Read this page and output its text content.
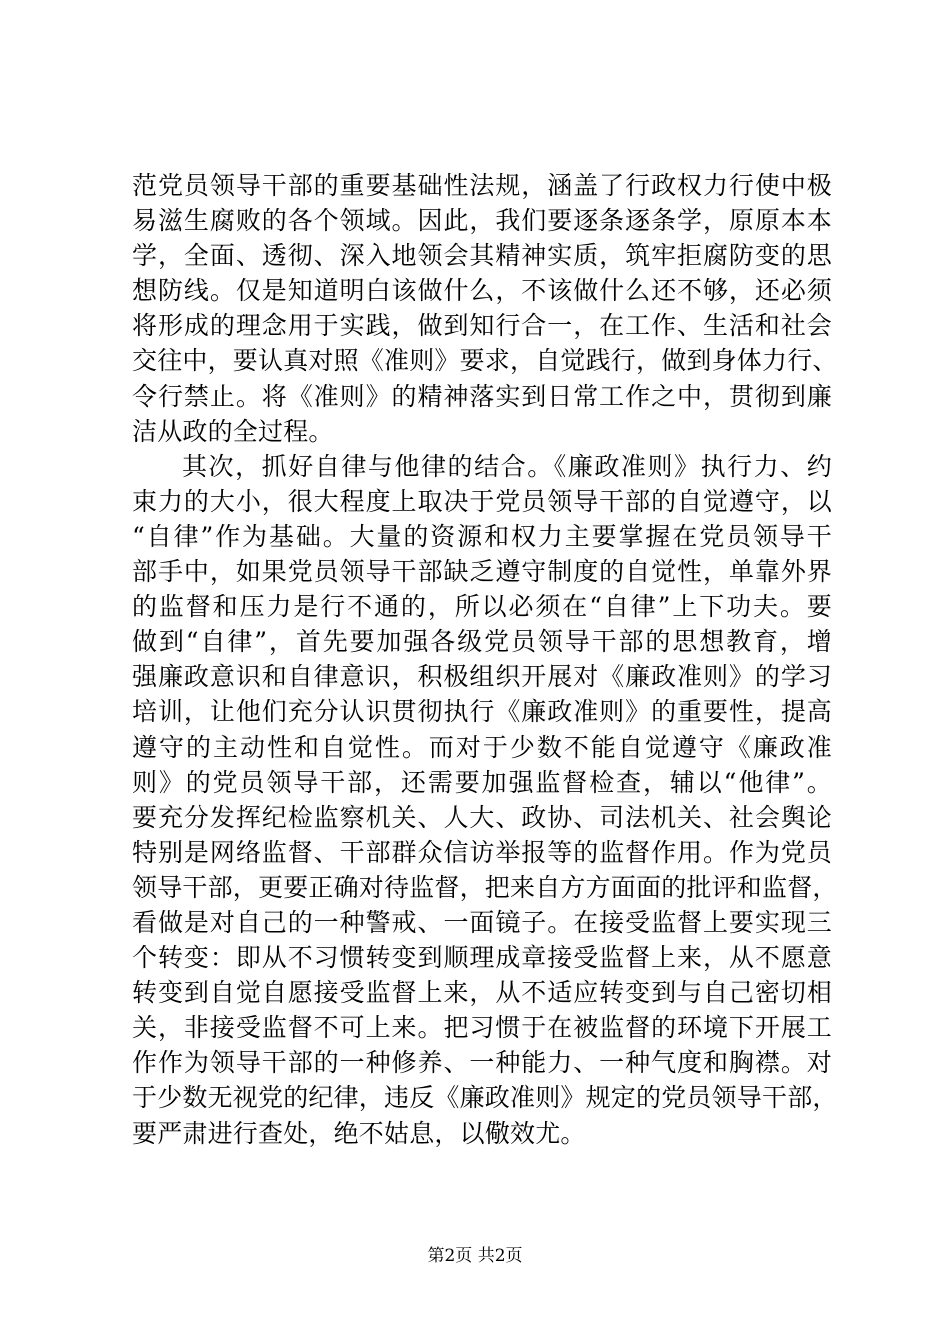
范党员领导干部的重要基础性法规，涵盖了行政权力行使中极
易滋生腐败的各个领域。因此，我们要逐条逐条学，原原本本
学，全面、透彻、深入地领会其精神实质，筑牢拒腐防变的思
想防线。仅是知道明白该做什么，不该做什么还不够，还必须
将形成的理念用于实践，做到知行合一，在工作、生活和社会
交往中，要认真对照《准则》要求，自觉践行，做到身体力行、
令行禁止。将《准则》的精神落实到日常工作之中，贯彻到廉
洁从政的全过程。
其次，抓好自律与他律的结合。《廉政准则》执行力、约
束力的大小，很大程度上取决于党员领导干部的自觉遵守，以
“自律”作为基础。大量的资源和权力主要掌握在党员领导干
部手中，如果党员领导干部缺乏遵守制度的自觉性，单靠外界
的监督和压力是行不通的，所以必须在“自律”上下功夫。要
做到“自律”，首先要加强各级党员领导干部的思想教育，增
强廉政意识和自律意识，积极组织开展对《廉政准则》的学习
培训，让他们充分认识贯彻执行《廉政准则》的重要性，提高
遵守的主动性和自觉性。而对于少数不能自觉遵守《廉政准
则》的党员领导干部，还需要加强监督检查，辅以“他律”。
要充分发挥纪检监察机关、人大、政协、司法机关、社会舆论
特别是网络监督、干部群众信访举报等的监督作用。作为党员
领导干部，更要正确对待监督，把来自方方面面的批评和监督，
看做是对自己的一种警戒、一面镜子。在接受监督上要实现三
个转变：即从不习惯转变到顺理成章接受监督上来，从不愿意
转变到自觉自愿接受监督上来，从不适应转变到与自己密切相
关，非接受监督不可上来。把习惯于在被监督的环境下开展工
作作为领导干部的一种修养、一种能力、一种气度和胸襟。对
于少数无视党的纪律，违反《廉政准则》规定的党员领导干部，
要严肃进行查处，绝不姑息，以儆效尤。
第2页 共2页
